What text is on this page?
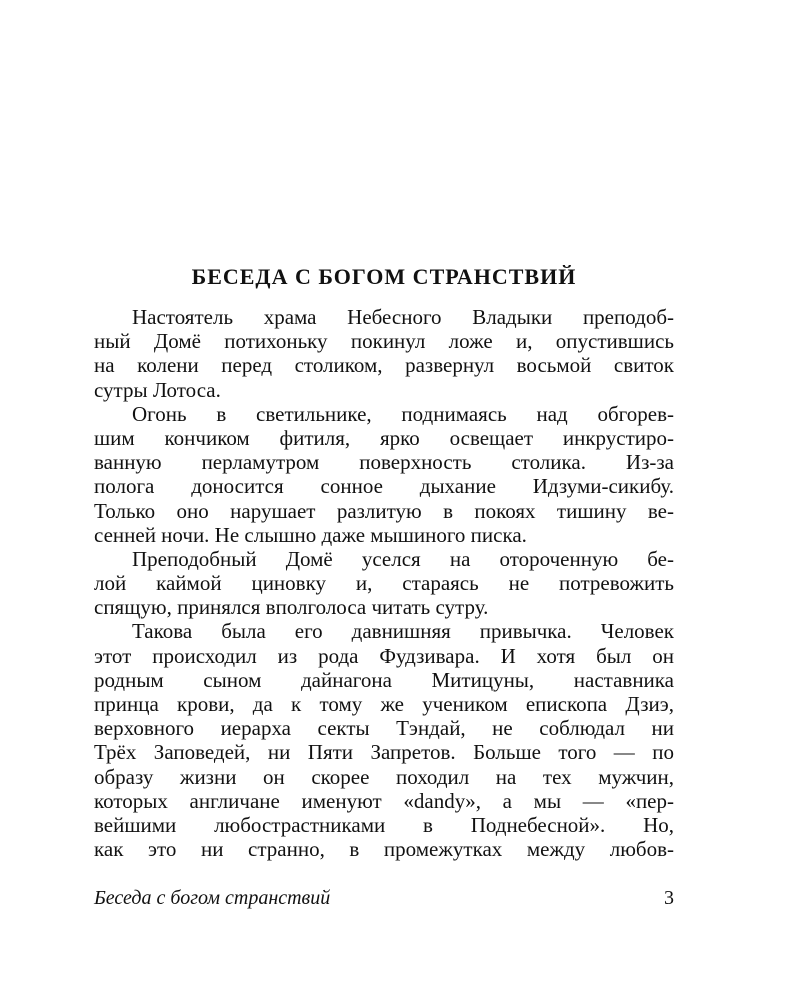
БЕСЕДА С БОГОМ СТРАНСТВИЙ
Настоятель храма Небесного Владыки преподоб-
ный Домё потихоньку покинул ложе и, опустившись
на колени перед столиком, развернул восьмой свиток
сутры Лотоса.
Огонь в светильнике, поднимаясь над обгорев-
шим кончиком фитиля, ярко освещает инкрустиро-
ванную перламутром поверхность столика. Из-за
полога доносится сонное дыхание Идзуми-сикибу.
Только оно нарушает разлитую в покоях тишину ве-
сенней ночи. Не слышно даже мышиного писка.
Преподобный Домё уселся на отороченную бе-
лой каймой циновку и, стараясь не потревожить
спящую, принялся вполголоса читать сутру.
Такова была его давнишняя привычка. Человек
этот происходил из рода Фудзивара. И хотя был он
родным сыном дайнагона Митицуны, наставника
принца крови, да к тому же учеником епископа Дзиэ,
верховного иерарха секты Тэндай, не соблюдал ни
Трёх Заповедей, ни Пяти Запретов. Больше того — по
образу жизни он скорее походил на тех мужчин,
которых англичане именуют «dandy», а мы — «пер-
вейшими любострастниками в Поднебесной». Но,
как это ни странно, в промежутках между любов-
Беседа с богом странствий	3
